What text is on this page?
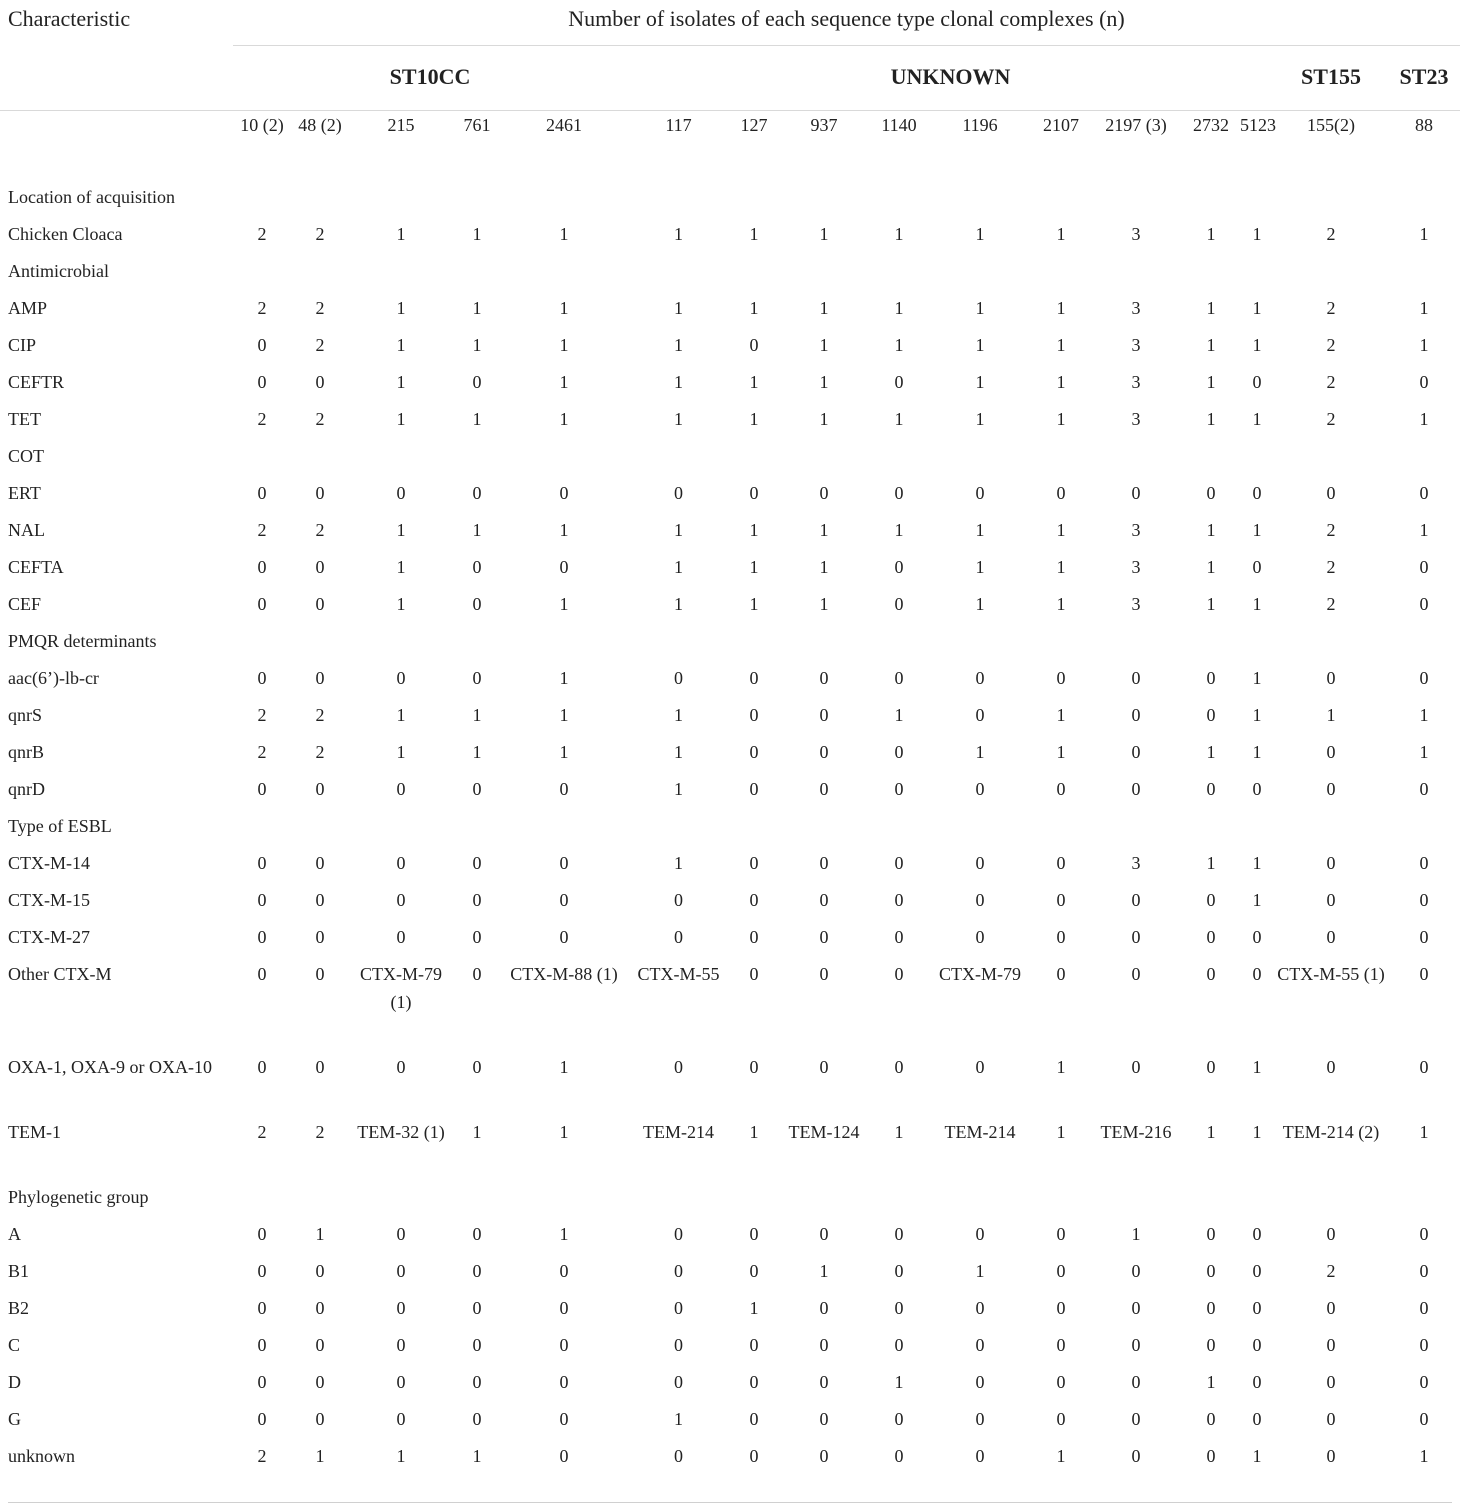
Characteristic	Number of isolates of each sequence type clonal complexes (n)															
	ST10CC					UNKNOWN									ST155	ST23
	10 (2)	48 (2)	215	761	2461	117	127	937	1140	1196	2107	2197 (3)	2732	5123	155(2)	88
Location of acquisition																
Chicken Cloaca	2	2	1	1	1	1	1	1	1	1	1	3	1	1	2	1
Antimicrobial																
AMP	2	2	1	1	1	1	1	1	1	1	1	3	1	1	2	1
CIP	0	2	1	1	1	1	0	1	1	1	1	3	1	1	2	1
CEFTR	0	0	1	0	1	1	1	1	0	1	1	3	1	0	2	0
TET	2	2	1	1	1	1	1	1	1	1	1	3	1	1	2	1
COT																
ERT	0	0	0	0	0	0	0	0	0	0	0	0	0	0	0	0
NAL	2	2	1	1	1	1	1	1	1	1	1	3	1	1	2	1
CEFTA	0	0	1	0	0	1	1	1	0	1	1	3	1	0	2	0
CEF	0	0	1	0	1	1	1	1	0	1	1	3	1	1	2	0
PMQR determinants																
aac(6’)-lb-cr	0	0	0	0	1	0	0	0	0	0	0	0	0	1	0	0
qnrS	2	2	1	1	1	1	0	0	1	0	1	0	0	1	1	1
qnrB	2	2	1	1	1	1	0	0	0	1	1	0	1	1	0	1
qnrD	0	0	0	0	0	1	0	0	0	0	0	0	0	0	0	0
Type of ESBL																
CTX-M-14	0	0	0	0	0	1	0	0	0	0	0	3	1	1	0	0
CTX-M-15	0	0	0	0	0	0	0	0	0	0	0	0	0	1	0	0
CTX-M-27	0	0	0	0	0	0	0	0	0	0	0	0	0	0	0	0
Other CTX-M	0	0	CTX-M-79 (1)	0	CTX-M-88 (1)	CTX-M-55	0	0	0	CTX-M-79	0	0	0	0	CTX-M-55 (1)	0
OXA-1, OXA-9 or OXA-10	0	0	0	0	1	0	0	0	0	0	1	0	0	1	0	0
TEM-1	2	2	TEM-32 (1)	1	1	TEM-214	1	TEM-124	1	TEM-214	1	TEM-216	1	1	TEM-214 (2)	1
Phylogenetic group																
A	0	1	0	0	1	0	0	0	0	0	0	1	0	0	0	0
B1	0	0	0	0	0	0	0	1	0	1	0	0	0	0	2	0
B2	0	0	0	0	0	0	1	0	0	0	0	0	0	0	0	0
C	0	0	0	0	0	0	0	0	0	0	0	0	0	0	0	0
D	0	0	0	0	0	0	0	0	1	0	0	0	1	0	0	0
G	0	0	0	0	0	1	0	0	0	0	0	0	0	0	0	0
unknown	2	1	1	1	0	0	0	0	0	0	1	0	0	1	0	1
